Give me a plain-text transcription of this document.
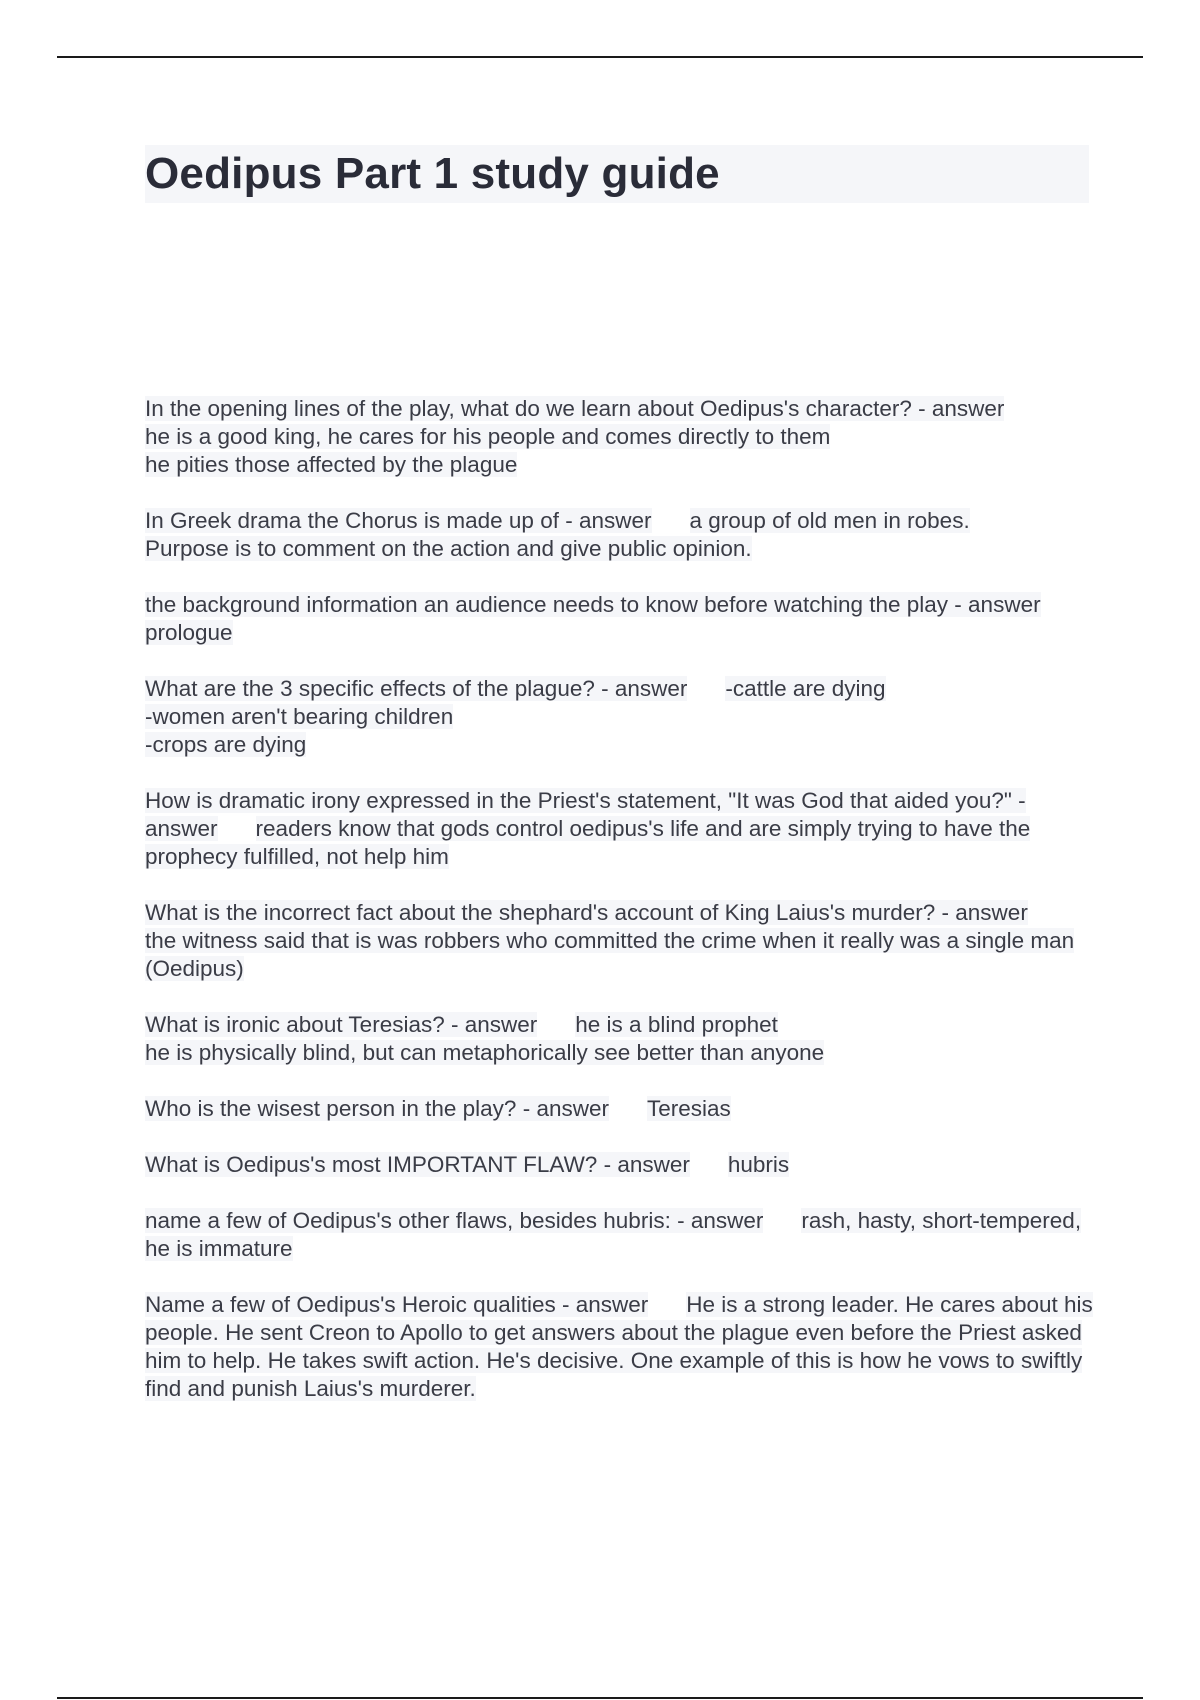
Oedipus Part 1 study guide

In the opening lines of the play, what do we learn about Oedipus's character? - answer
he is a good king, he cares for his people and comes directly to them
he pities those affected by the plague

In Greek drama the Chorus is made up of - answer a group of old men in robes.
Purpose is to comment on the action and give public opinion.

the background information an audience needs to know before watching the play - answerprologue

What are the 3 specific effects of the plague? - answer -cattle are dying
-women aren't bearing children
-crops are dying

How is dramatic irony expressed in the Priest's statement, "It was God that aided you?" - answer readers know that gods control oedipus's life and are simply trying to have the prophecy fulfilled, not help him

What is the incorrect fact about the shephard's account of King Laius's murder? - answerthe witness said that is was robbers who committed the crime when it really was a single man (Oedipus)

What is ironic about Teresias? - answer he is a blind prophet
he is physically blind, but can metaphorically see better than anyone

Who is the wisest person in the play? - answer Teresias

What is Oedipus's most IMPORTANT FLAW? - answer hubris

name a few of Oedipus's other flaws, besides hubris: - answer rash, hasty, short-tempered, he is immature

Name a few of Oedipus's Heroic qualities - answer He is a strong leader. He cares about his people. He sent Creon to Apollo to get answers about the plague even before the Priest asked him to help. He takes swift action. He's decisive. One example of this is how he vows to swiftly find and punish Laius's murderer.
